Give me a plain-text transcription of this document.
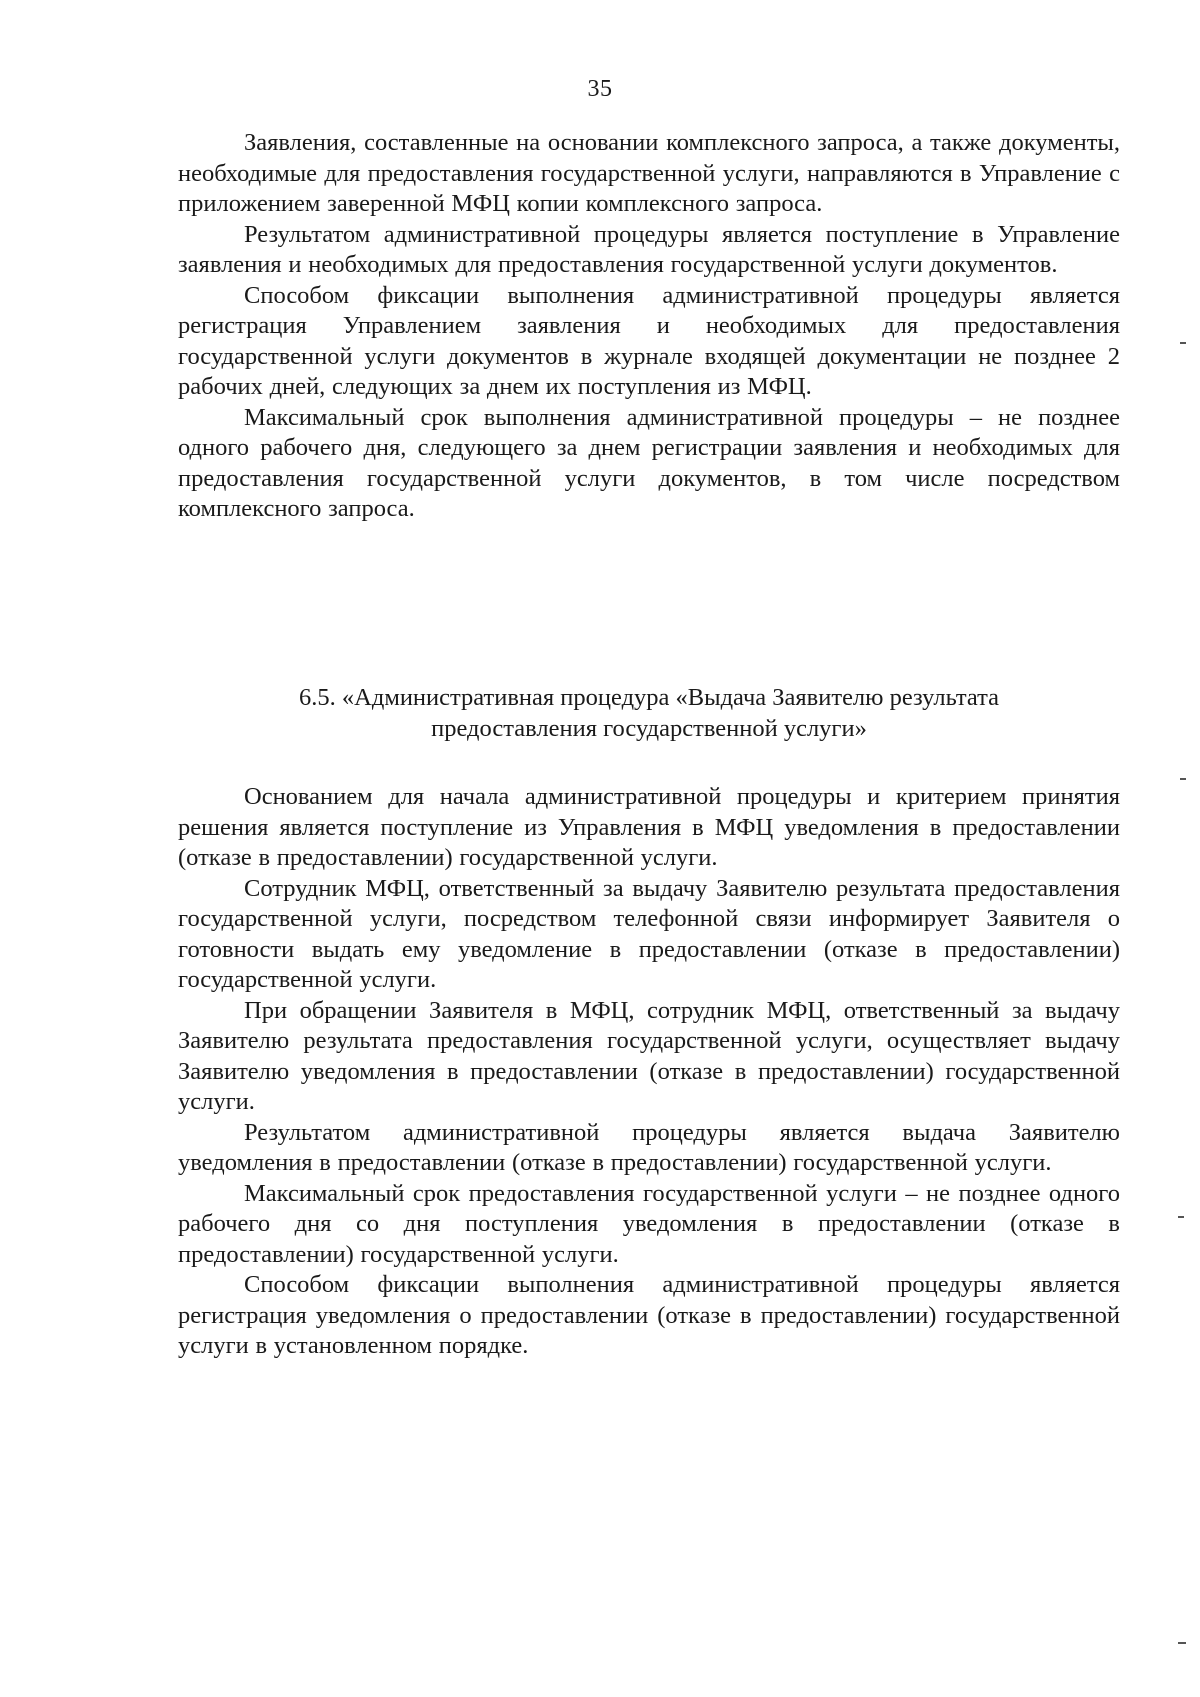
35

Заявления, составленные на основании комплексного запроса, а также документы, необходимые для предоставления государственной услуги, направляются в Управление с приложением заверенной МФЦ копии комплексного запроса.

Результатом административной процедуры является поступление в Управление заявления и необходимых для предоставления государственной услуги документов.

Способом фиксации выполнения административной процедуры является регистрация Управлением заявления и необходимых для предоставления государственной услуги документов в журнале входящей документации не позднее 2 рабочих дней, следующих за днем их поступления из МФЦ.

Максимальный срок выполнения административной процедуры – не позднее одного рабочего дня, следующего за днем регистрации заявления и необходимых для предоставления государственной услуги документов, в том числе посредством комплексного запроса.

6.5. «Административная процедура «Выдача Заявителю результата
предоставления государственной услуги»

Основанием для начала административной процедуры и критерием принятия решения является поступление из Управления в МФЦ уведомления в предоставлении (отказе в предоставлении) государственной услуги.

Сотрудник МФЦ, ответственный за выдачу Заявителю результата предоставления государственной услуги, посредством телефонной связи информирует Заявителя о готовности выдать ему уведомление в предоставлении (отказе в предоставлении) государственной услуги.

При обращении Заявителя в МФЦ, сотрудник МФЦ, ответственный за выдачу Заявителю результата предоставления государственной услуги, осуществляет выдачу Заявителю уведомления в предоставлении (отказе в предоставлении) государственной услуги.

Результатом административной процедуры является выдача Заявителю уведомления в предоставлении (отказе в предоставлении) государственной услуги.

Максимальный срок предоставления государственной услуги – не позднее одного рабочего дня со дня поступления уведомления в предоставлении (отказе в предоставлении) государственной услуги.

Способом фиксации выполнения административной процедуры является регистрация уведомления о предоставлении (отказе в предоставлении) государственной услуги в установленном порядке.
